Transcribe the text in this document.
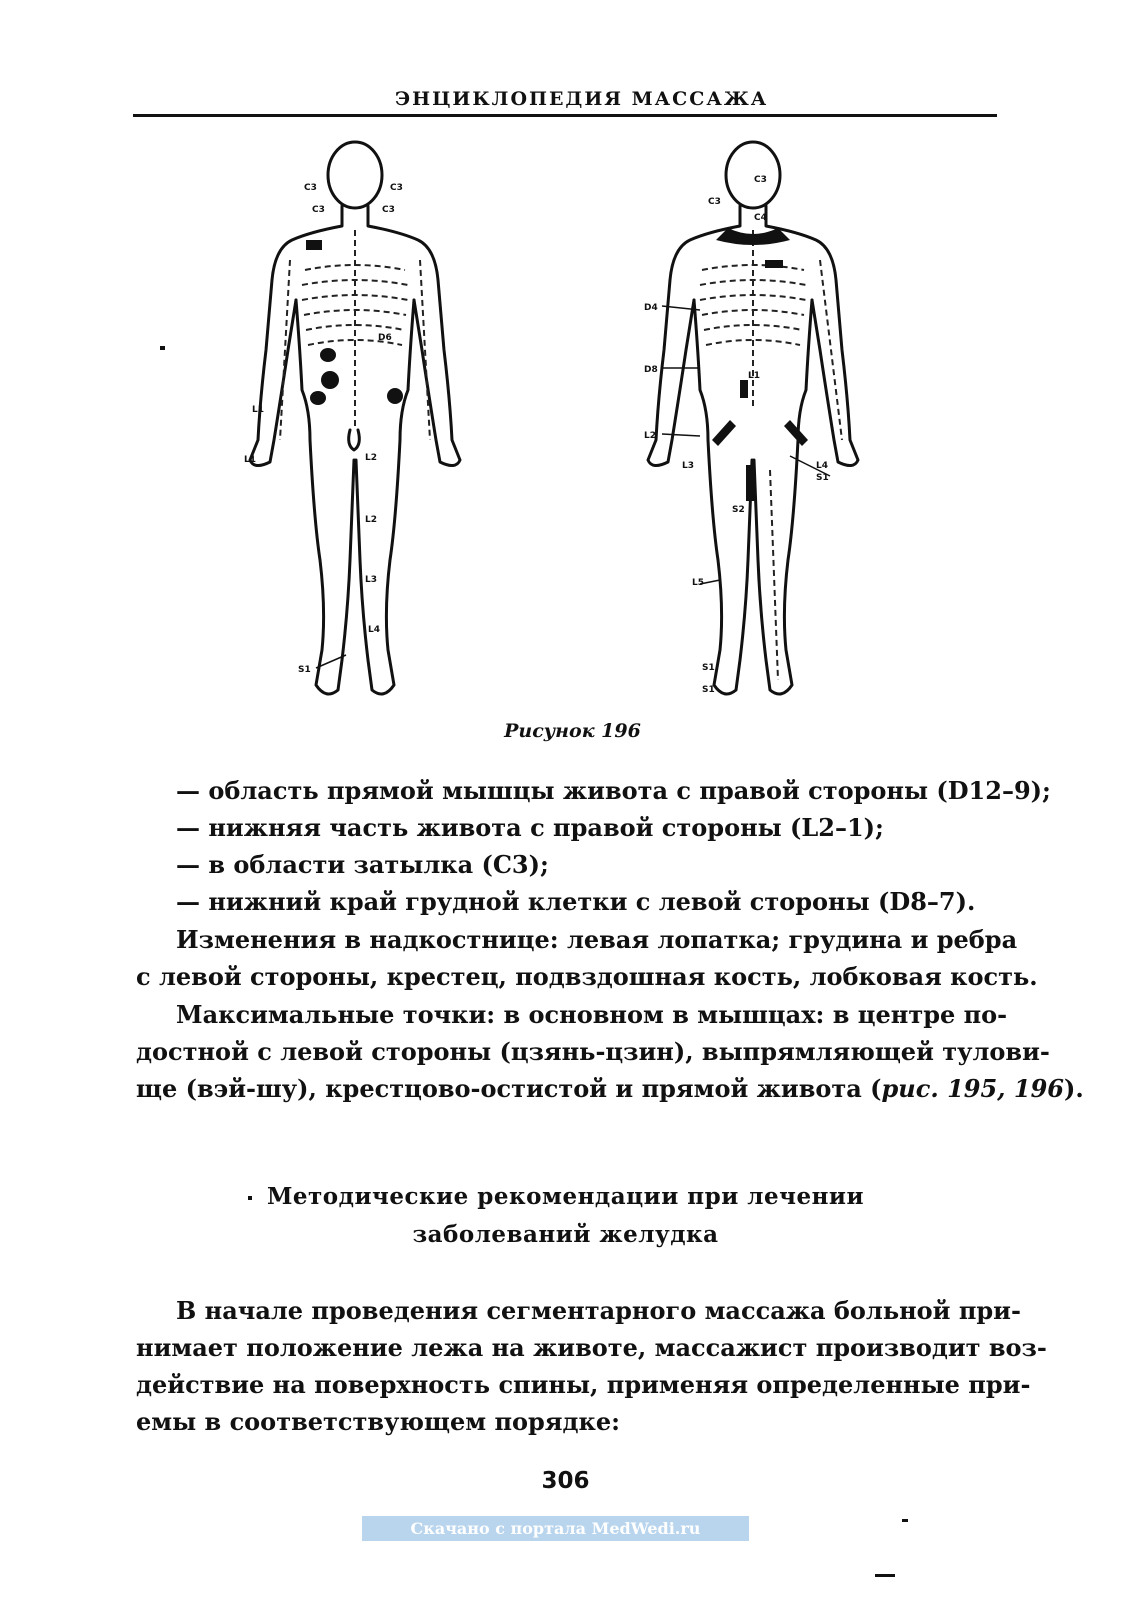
ЭНЦИКЛОПЕДИЯ МАССАЖА
C3	C3
C3	C3
D6
L1
L1	L2
L2
L3
L4
S1
C3
C3
C4
D4
D8
L1
L2
L3	L4
S1
S2
L5
S1
S1
Рисунок 196
— область прямой мышцы живота с правой стороны (D12–9);
— нижняя часть живота с правой стороны (L2–1);
— в области затылка (С3);
— нижний край грудной клетки с левой стороны (D8–7).
Изменения в надкостнице: левая лопатка; грудина и ребра
с левой стороны, крестец, подвздошная кость, лобковая кость.
Максимальные точки: в основном в мышцах: в центре по-
достной с левой стороны (цзянь-цзин), выпрямляющей тулови-
ще (вэй-шу), крестцово-остистой и прямой живота (рис. 195, 196).
Методические рекомендации при лечении
заболеваний желудка
В начале проведения сегментарного массажа больной при-
нимает положение лежа на животе, массажист производит воз-
действие на поверхность спины, применяя определенные при-
емы в соответствующем порядке:
306
Скачано с портала MedWedi.ru
